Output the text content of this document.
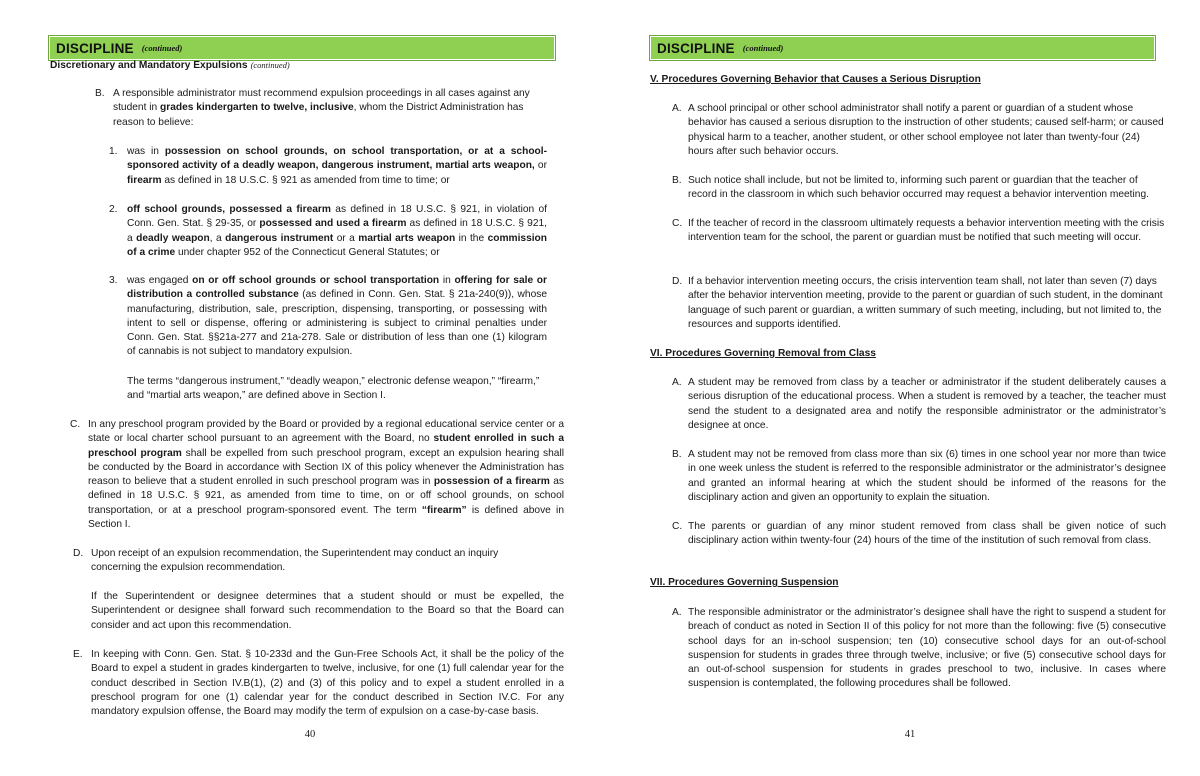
DISCIPLINE (continued)
Discretionary and Mandatory Expulsions (continued)
B. A responsible administrator must recommend expulsion proceedings in all cases against any student in grades kindergarten to twelve, inclusive, whom the District Administration has reason to believe:
1. was in possession on school grounds, on school transportation, or at a school-sponsored activity of a deadly weapon, dangerous instrument, martial arts weapon, or firearm as defined in 18 U.S.C. § 921 as amended from time to time; or
2. off school grounds, possessed a firearm as defined in 18 U.S.C. § 921, in violation of Conn. Gen. Stat. § 29-35, or possessed and used a firearm as defined in 18 U.S.C. § 921, a deadly weapon, a dangerous instrument or a martial arts weapon in the commission of a crime under chapter 952 of the Connecticut General Statutes; or
3. was engaged on or off school grounds or school transportation in offering for sale or distribution a controlled substance (as defined in Conn. Gen. Stat. § 21a-240(9)), whose manufacturing, distribution, sale, prescription, dispensing, transporting, or possessing with intent to sell or dispense, offering or administering is subject to criminal penalties under Conn. Gen. Stat. §§21a-277 and 21a-278. Sale or distribution of less than one (1) kilogram of cannabis is not subject to mandatory expulsion.
The terms “dangerous instrument,” “deadly weapon,” electronic defense weapon,” “firearm,” and “martial arts weapon,” are defined above in Section I.
C. In any preschool program provided by the Board or provided by a regional educational service center or a state or local charter school pursuant to an agreement with the Board, no student enrolled in such a preschool program shall be expelled from such preschool program, except an expulsion hearing shall be conducted by the Board in accordance with Section IX of this policy whenever the Administration has reason to believe that a student enrolled in such preschool program was in possession of a firearm as defined in 18 U.S.C. § 921, as amended from time to time, on or off school grounds, on school transportation, or at a preschool program-sponsored event. The term “firearm” is defined above in Section I.
D. Upon receipt of an expulsion recommendation, the Superintendent may conduct an inquiry concerning the expulsion recommendation.
If the Superintendent or designee determines that a student should or must be expelled, the Superintendent or designee shall forward such recommendation to the Board so that the Board can consider and act upon this recommendation.
E. In keeping with Conn. Gen. Stat. § 10-233d and the Gun-Free Schools Act, it shall be the policy of the Board to expel a student in grades kindergarten to twelve, inclusive, for one (1) full calendar year for the conduct described in Section IV.B(1), (2) and (3) of this policy and to expel a student enrolled in a preschool program for one (1) calendar year for the conduct described in Section IV.C. For any mandatory expulsion offense, the Board may modify the term of expulsion on a case-by-case basis.
40
DISCIPLINE (continued)
V. Procedures Governing Behavior that Causes a Serious Disruption
A. A school principal or other school administrator shall notify a parent or guardian of a student whose behavior has caused a serious disruption to the instruction of other students; caused self-harm; or caused physical harm to a teacher, another student, or other school employee not later than twenty-four (24) hours after such behavior occurs.
B. Such notice shall include, but not be limited to, informing such parent or guardian that the teacher of record in the classroom in which such behavior occurred may request a behavior intervention meeting.
C. If the teacher of record in the classroom ultimately requests a behavior intervention meeting with the crisis intervention team for the school, the parent or guardian must be notified that such meeting will occur.
D. If a behavior intervention meeting occurs, the crisis intervention team shall, not later than seven (7) days after the behavior intervention meeting, provide to the parent or guardian of such student, in the dominant language of such parent or guardian, a written summary of such meeting, including, but not limited to, the resources and supports identified.
VI. Procedures Governing Removal from Class
A. A student may be removed from class by a teacher or administrator if the student deliberately causes a serious disruption of the educational process. When a student is removed by a teacher, the teacher must send the student to a designated area and notify the responsible administrator or the administrator’s designee at once.
B. A student may not be removed from class more than six (6) times in one school year nor more than twice in one week unless the student is referred to the responsible administrator or the administrator’s designee and granted an informal hearing at which the student should be informed of the reasons for the disciplinary action and given an opportunity to explain the situation.
C. The parents or guardian of any minor student removed from class shall be given notice of such disciplinary action within twenty-four (24) hours of the time of the institution of such removal from class.
VII. Procedures Governing Suspension
A. The responsible administrator or the administrator’s designee shall have the right to suspend a student for breach of conduct as noted in Section II of this policy for not more than the following: five (5) consecutive school days for an in-school suspension; ten (10) consecutive school days for an out-of-school suspension for students in grades three through twelve, inclusive; or five (5) consecutive school days for an out-of-school suspension for students in grades preschool to two, inclusive. In cases where suspension is contemplated, the following procedures shall be followed.
41
